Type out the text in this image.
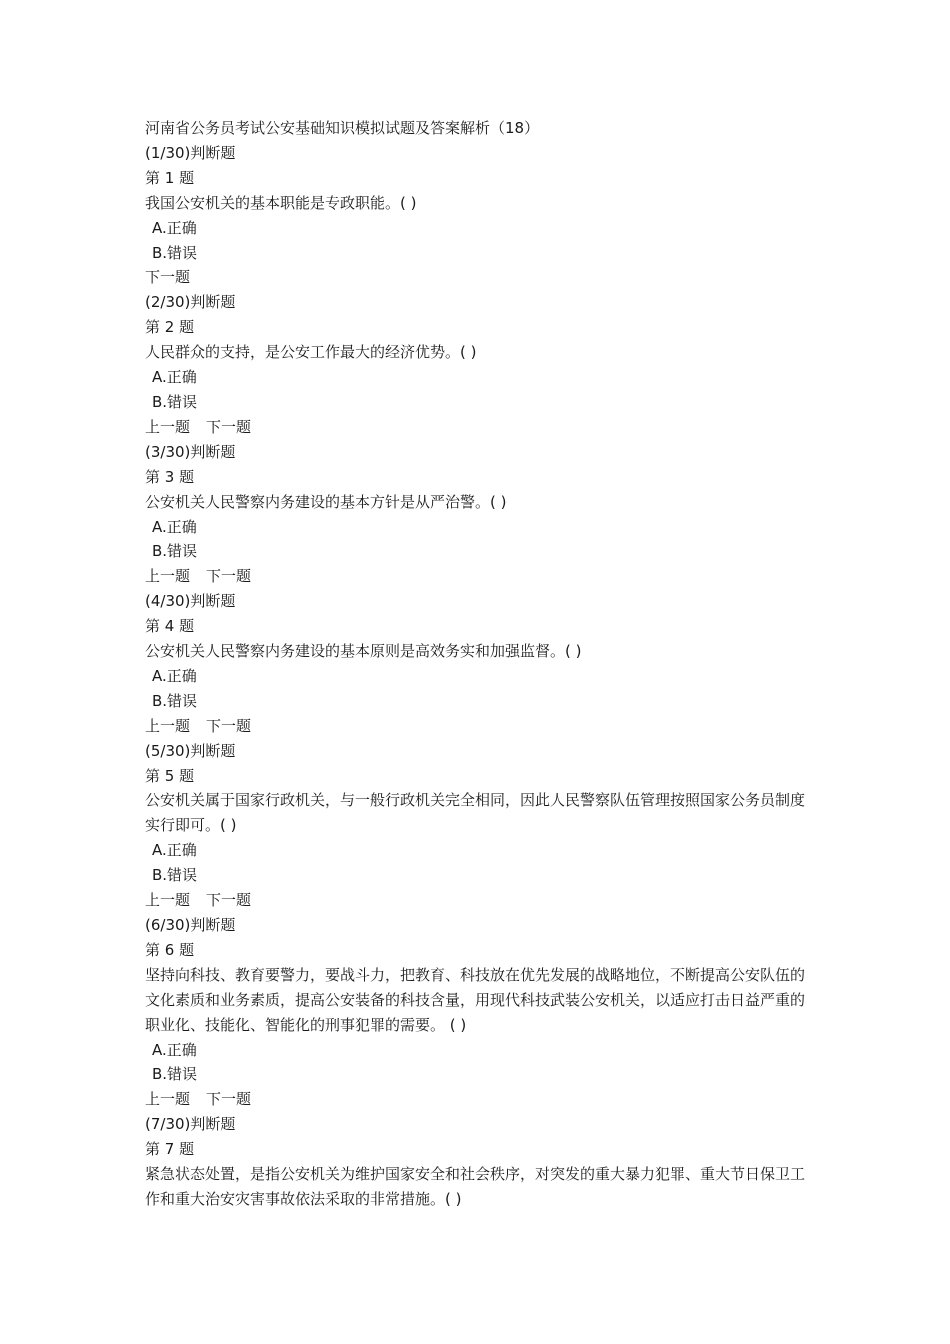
河南省公务员考试公安基础知识模拟试题及答案解析（18）
(1/30)判断题
第 1 题
我国公安机关的基本职能是专政职能。( )
A.正确
B.错误
下一题
(2/30)判断题
第 2 题
人民群众的支持，是公安工作最大的经济优势。( )
A.正确
B.错误
上一题 下一题
(3/30)判断题
第 3 题
公安机关人民警察内务建设的基本方针是从严治警。( )
A.正确
B.错误
上一题 下一题
(4/30)判断题
第 4 题
公安机关人民警察内务建设的基本原则是高效务实和加强监督。( )
A.正确
B.错误
上一题 下一题
(5/30)判断题
第 5 题
公安机关属于国家行政机关，与一般行政机关完全相同，因此人民警察队伍管理按照国家公务员制度实行即可。( )
A.正确
B.错误
上一题 下一题
(6/30)判断题
第 6 题
坚持向科技、教育要警力，要战斗力，把教育、科技放在优先发展的战略地位，不断提高公安队伍的文化素质和业务素质，提高公安装备的科技含量，用现代科技武装公安机关，以适应打击日益严重的职业化、技能化、智能化的刑事犯罪的需要。 ( )
A.正确
B.错误
上一题 下一题
(7/30)判断题
第 7 题
紧急状态处置，是指公安机关为维护国家安全和社会秩序，对突发的重大暴力犯罪、重大节日保卫工作和重大治安灾害事故依法采取的非常措施。( )
